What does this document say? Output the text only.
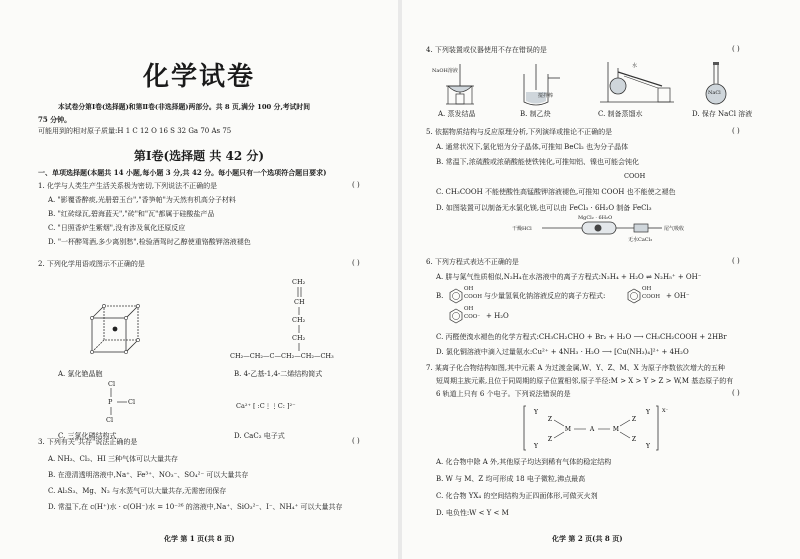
化学试卷
本试卷分第Ⅰ卷(选择题)和第Ⅱ卷(非选择题)两部分。共 8 页,满分 100 分,考试时间
75 分钟。
可能用到的相对原子质量:H 1 C 12 O 16 S 32 Ga 70 As 75
第Ⅰ卷(选择题 共 42 分)
一、单项选择题(本题共 14 小题,每小题 3 分,共 42 分。每小题只有一个选项符合题目要求)
1. 化学与人类生产生活关系极为密切,下列说法不正确的是	( )
A. "影覆香醉痰,光册碧玉台","香笋帕"为天然有机高分子材料
B. "红砖绿瓦,碧海蓝天","砖"和"瓦"都属于硅酸盐产品
C. "日照香炉生紫烟",没有涉及氧化还原反应
D. "一杯醉驾酒,多少离别愁",检验酒驾时乙醇使重铬酸钾溶液褪色
2. 下列化学用语或图示不正确的是	( )
A. 氯化铯晶胞
CH₂
CH
CH₂
CH₂
CH₂—CH₂—C—CH₂—CH₂—CH₃
B. 4-乙基-1,4-二烯结构简式
Cl
P Cl
Cl
C. 三氯化磷结构式
Ca²⁺ [ :C⋮⋮C: ]²⁻
D. CaC₂ 电子式
3. 下列有关"共存"说法正确的是	( )
A. NH₃、Cl₂、HI 三种气体可以大量共存
B. 在澄清透明溶液中,Na⁺、Fe³⁺、NO₃⁻、SO₄²⁻ 可以大量共存
C. Al₂S₃、Mg、N₂ 与水蒸气可以大量共存,无需密闭保存
D. 常温下,在 c(H⁺)水 · c(OH⁻)水 = 10⁻²⁶ 的溶液中,Na⁺、SiO₃²⁻、I⁻、NH₄⁺ 可以大量共存
化学 第 1 页(共 8 页)
4. 下列装置或仪器使用不存在错误的是	( )
NaOH溶液
A. 蒸发结晶
搅拌棒
B. 制乙炔
水
C. 制备蒸馏水
NaCl
D. 保存 NaCl 溶液
5. 依据物质结构与反应原理分析,下列演绎或推论不正确的是	( )
A. 通常状况下,氯化铝为分子晶体,可推知 BeCl₂ 也为分子晶体
B. 常温下,浓硫酸或浓硝酸能使铁钝化,可推知铝、镍也可能会钝化
COOH
C. CH₃COOH 不能使酸性高锰酸钾溶液褪色,可推知 COOH 也不能使之褪色
D. 如图装置可以制备无水氯化镁,也可以由 FeCl₃ · 6H₂O 制备 FeCl₃
干燥HCl
MgCl₂ · 6H₂O
无水CaCl₂
尾气吸收
6. 下列方程式表达不正确的是	( )
A. 肼与氮气性质相似,N₂H₄在水溶液中的离子方程式:N₂H₄ + H₂O ⇌ N₂H₅⁺ + OH⁻
B.
OH
COOH 与少量氢氧化钠溶液反应的离子方程式:
OH
COOH + OH⁻
OH
COO⁻ + H₂O
C. 丙醛使溴水褪色的化学方程式:CH₃CH₂CHO + Br₂ + H₂O ⟶ CH₃CH₂COOH + 2HBr
D. 氯化铜溶液中滴入过量氨水:Cu²⁺ + 4NH₃ · H₂O ⟶ [Cu(NH₃)₄]²⁺ + 4H₂O
7. 某离子化合物结构如图,其中元素 A 为过渡金属,W、Y、Z、M、X 为原子序数依次增大的五种
短周期主族元素,且位于同周期的原子位置相邻,原子半径:M > X > Y > Z > W,M 基态原子的有
6 轨道上只有 6 个电子。下列说法错误的是	( )
A
M	M
Z
Z
Z
Z
Y
Y
Y
Y
X⁻
A. 化合物中除 A 外,其他原子均达到稀有气体的稳定结构
B. W 与 M、Z 均可形成 18 电子微粒,沸点最高
C. 化合物 YX₄ 的空间结构为正四面体形,可做灭火剂
D. 电负性:W < Y < M
化学 第 2 页(共 8 页)
